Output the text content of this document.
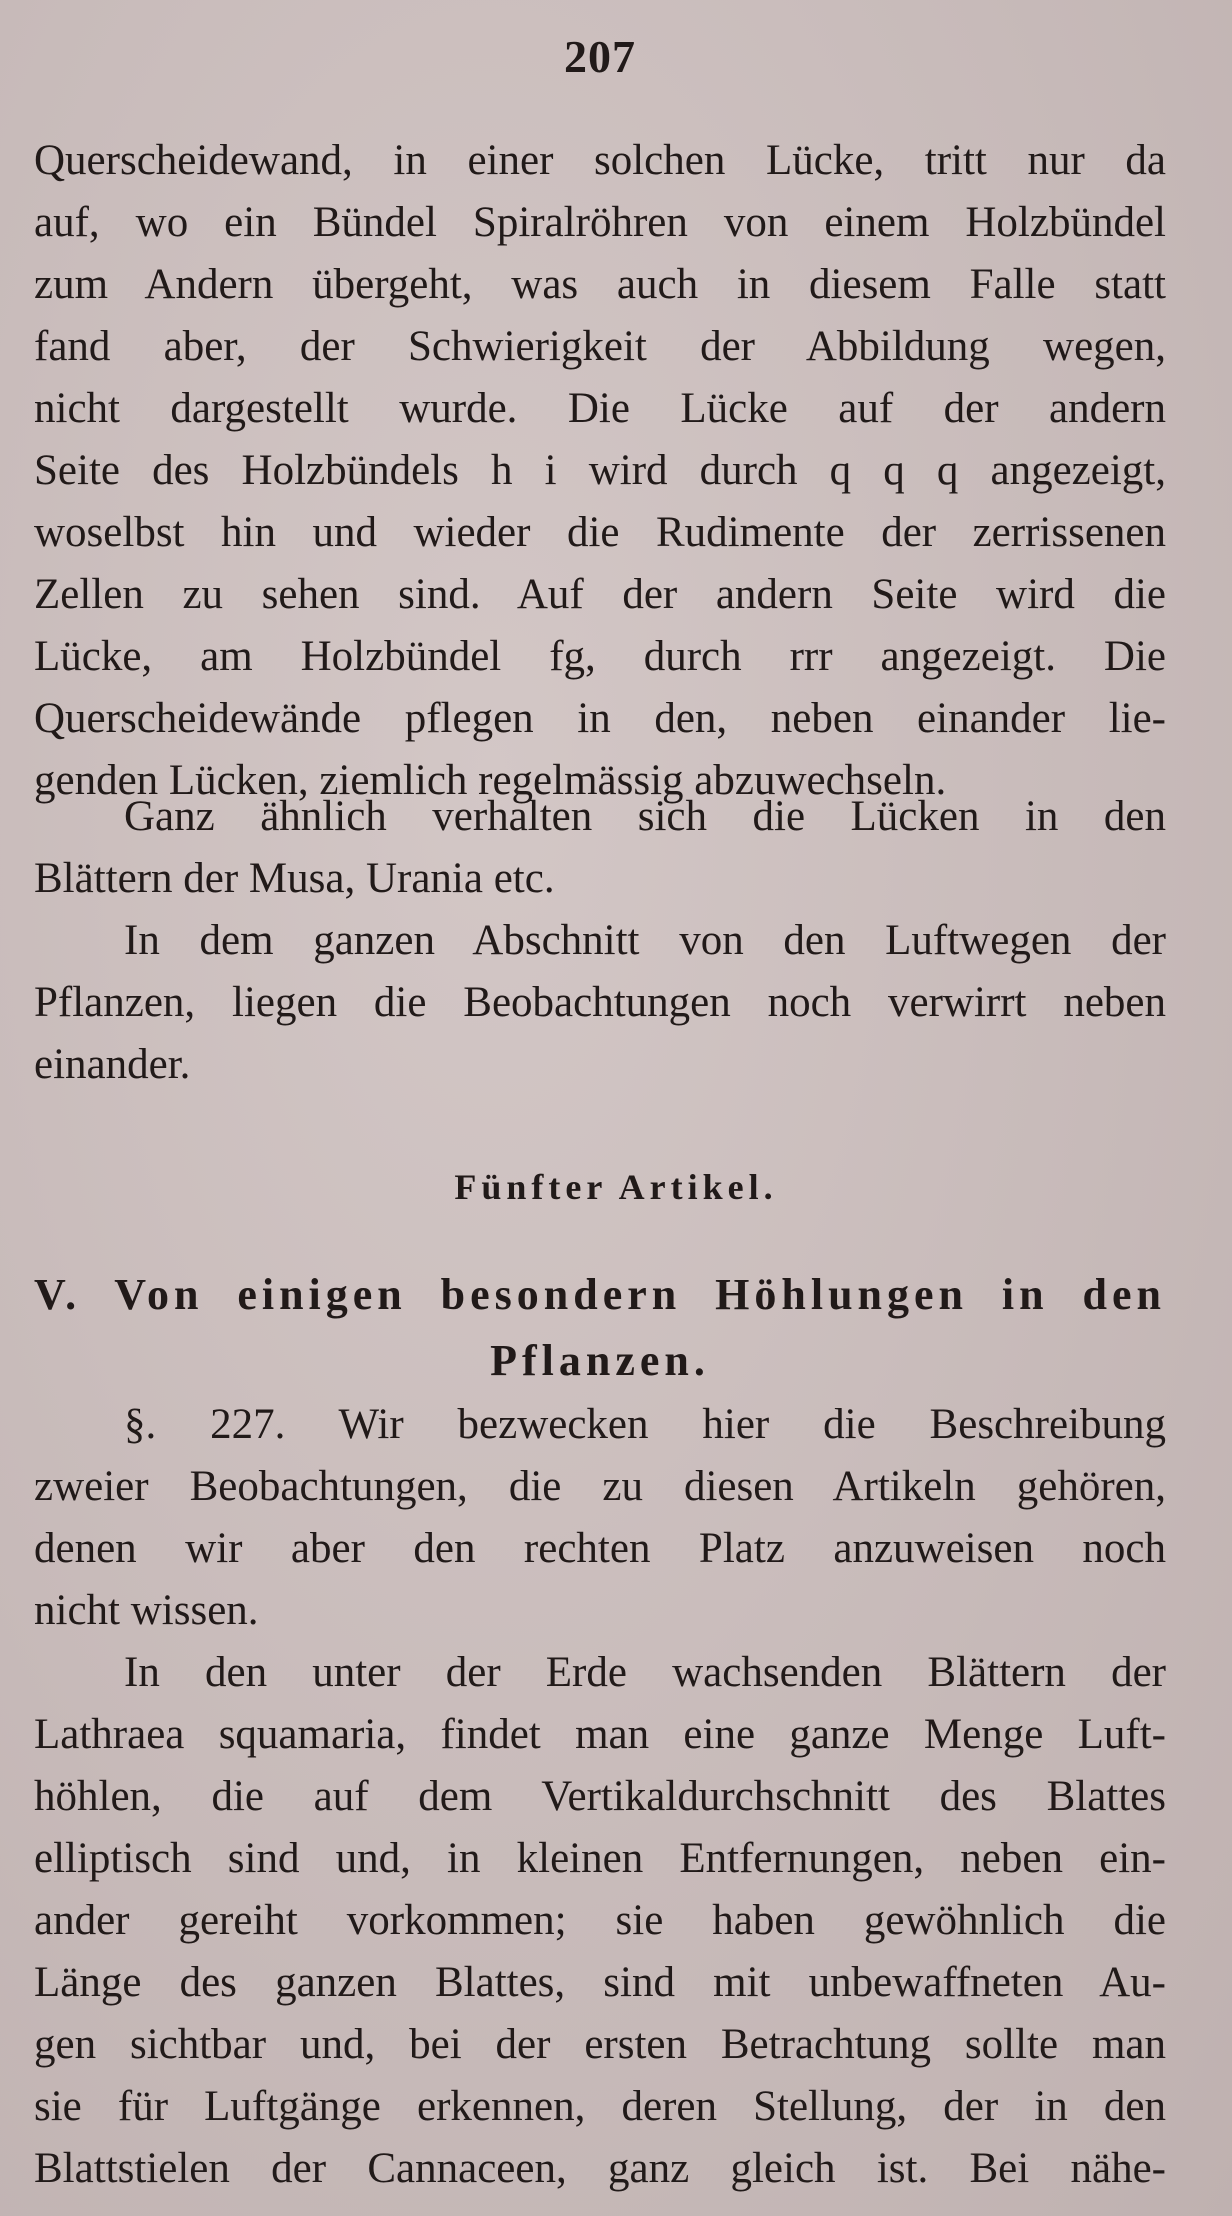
207
Querscheidewand, in einer solchen Lücke, tritt nur da
auf, wo ein Bündel Spiralröhren von einem Holzbündel
zum Andern übergeht, was auch in diesem Falle statt
fand aber, der Schwierigkeit der Abbildung wegen,
nicht dargestellt wurde. Die Lücke auf der andern
Seite des Holzbündels h i wird durch q q q angezeigt,
woselbst hin und wieder die Rudimente der zerrissenen
Zellen zu sehen sind. Auf der andern Seite wird die
Lücke, am Holzbündel fg, durch rrr angezeigt. Die
Querscheidewände pflegen in den, neben einander lie-
genden Lücken, ziemlich regelmässig abzuwechseln.
Ganz ähnlich verhalten sich die Lücken in den
Blättern der Musa, Urania etc.
In dem ganzen Abschnitt von den Luftwegen der
Pflanzen, liegen die Beobachtungen noch verwirrt neben
einander.
Fünfter Artikel.
V. Von einigen besondern Höhlungen in den
Pflanzen.
§. 227. Wir bezwecken hier die Beschreibung
zweier Beobachtungen, die zu diesen Artikeln gehören,
denen wir aber den rechten Platz anzuweisen noch
nicht wissen.
In den unter der Erde wachsenden Blättern der
Lathraea squamaria, findet man eine ganze Menge Luft-
höhlen, die auf dem Vertikaldurchschnitt des Blattes
elliptisch sind und, in kleinen Entfernungen, neben ein-
ander gereiht vorkommen; sie haben gewöhnlich die
Länge des ganzen Blattes, sind mit unbewaffneten Au-
gen sichtbar und, bei der ersten Betrachtung sollte man
sie für Luftgänge erkennen, deren Stellung, der in den
Blattstielen der Cannaceen, ganz gleich ist. Bei nähe-
